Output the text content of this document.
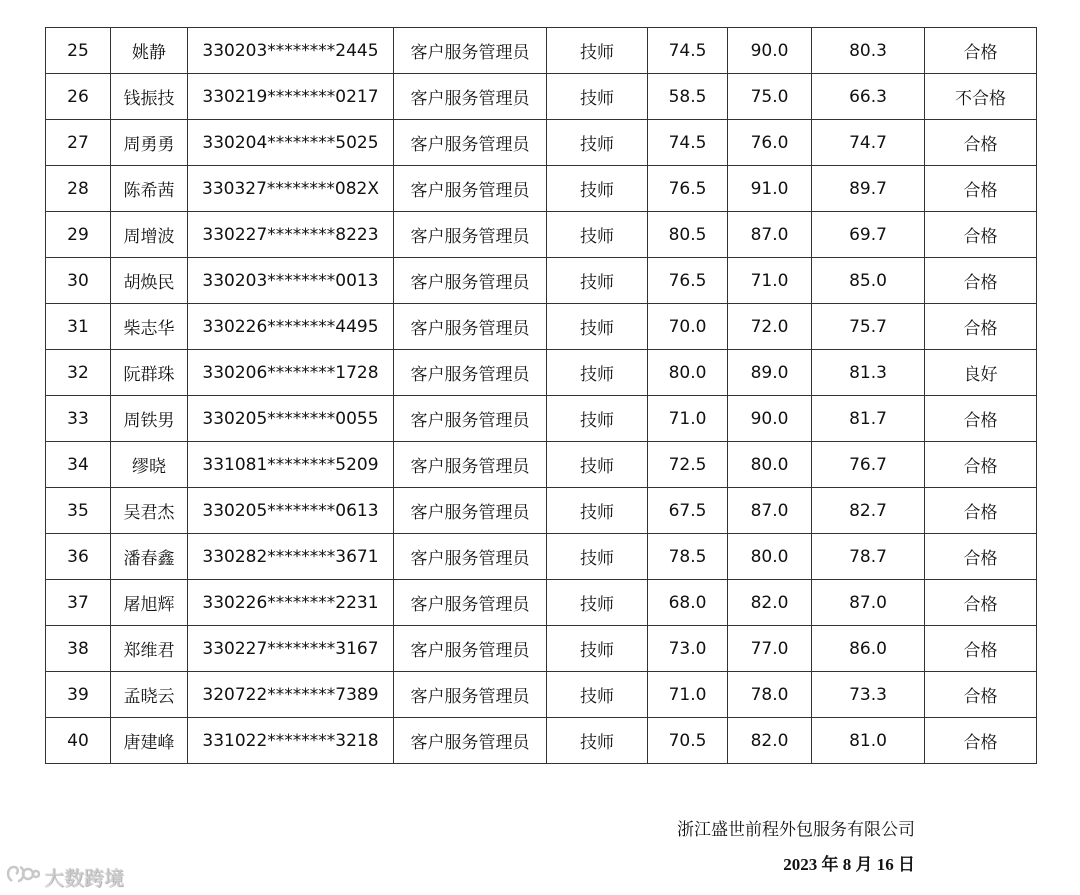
25	姚静	330203********2445	客户服务管理员	技师	74.5	90.0	80.3	合格
26	钱振技	330219********0217	客户服务管理员	技师	58.5	75.0	66.3	不合格
27	周勇勇	330204********5025	客户服务管理员	技师	74.5	76.0	74.7	合格
28	陈希茜	330327********082X	客户服务管理员	技师	76.5	91.0	89.7	合格
29	周增波	330227********8223	客户服务管理员	技师	80.5	87.0	69.7	合格
30	胡焕民	330203********0013	客户服务管理员	技师	76.5	71.0	85.0	合格
31	柴志华	330226********4495	客户服务管理员	技师	70.0	72.0	75.7	合格
32	阮群珠	330206********1728	客户服务管理员	技师	80.0	89.0	81.3	良好
33	周铁男	330205********0055	客户服务管理员	技师	71.0	90.0	81.7	合格
34	缪晓	331081********5209	客户服务管理员	技师	72.5	80.0	76.7	合格
35	吴君杰	330205********0613	客户服务管理员	技师	67.5	87.0	82.7	合格
36	潘春鑫	330282********3671	客户服务管理员	技师	78.5	80.0	78.7	合格
37	屠旭辉	330226********2231	客户服务管理员	技师	68.0	82.0	87.0	合格
38	郑维君	330227********3167	客户服务管理员	技师	73.0	77.0	86.0	合格
39	孟晓云	320722********7389	客户服务管理员	技师	71.0	78.0	73.3	合格
40	唐建峰	331022********3218	客户服务管理员	技师	70.5	82.0	81.0	合格
浙江盛世前程外包服务有限公司
2023 年 8 月 16 日
大数跨境
